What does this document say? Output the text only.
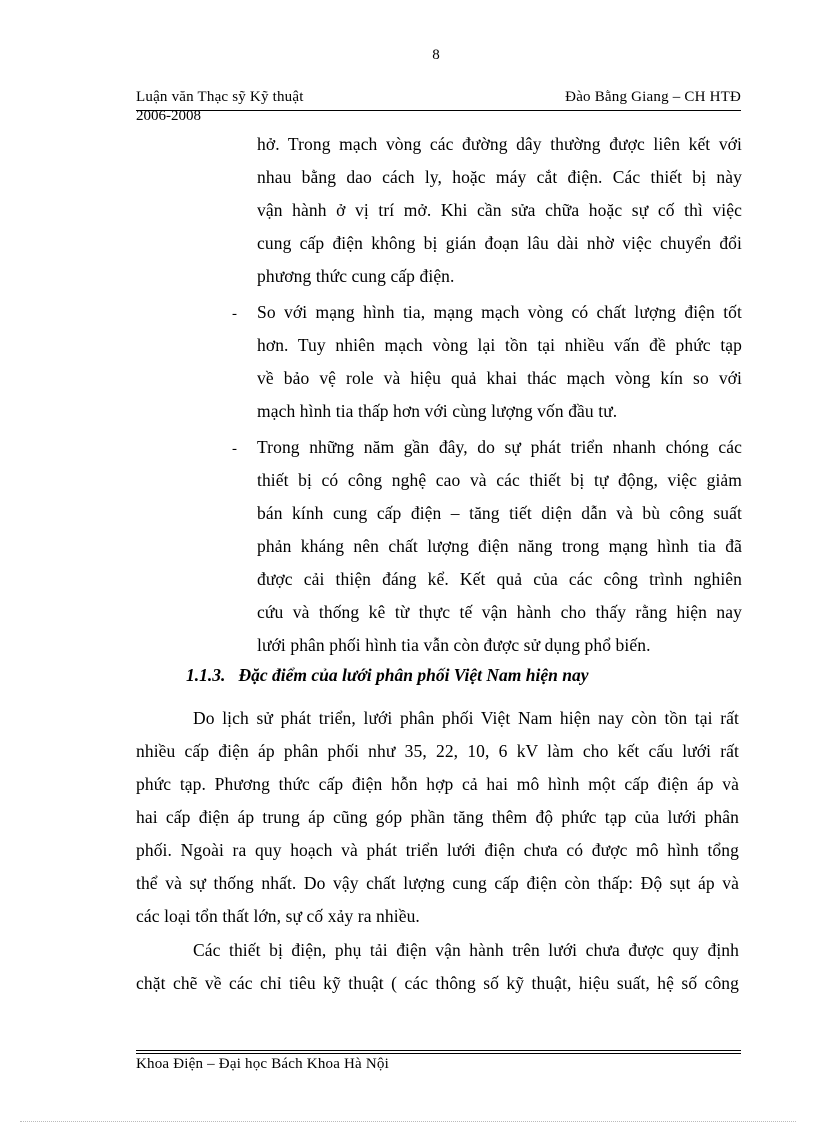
8
Luận văn Thạc sỹ Kỹ thuật	Đào Bằng Giang – CH HTĐ
2006-2008
hở. Trong mạch vòng các đường dây thường được liên kết với
nhau bằng dao cách ly, hoặc máy cắt điện. Các thiết bị này
vận hành ở vị trí mở. Khi cần sửa chữa hoặc sự cố thì việc
cung cấp điện không bị gián đoạn lâu dài nhờ việc chuyển đổi
phương thức cung cấp điện.
- So với mạng hình tia, mạng mạch vòng có chất lượng điện tốt
hơn. Tuy nhiên mạch vòng lại tồn tại nhiều vấn đề phức tạp
về bảo vệ role và hiệu quả khai thác mạch vòng kín so với
mạch hình tia thấp hơn với cùng lượng vốn đầu tư.
- Trong những năm gần đây, do sự phát triển nhanh chóng các
thiết bị có công nghệ cao và các thiết bị tự động, việc giảm
bán kính cung cấp điện – tăng tiết diện dẫn và bù công suất
phản kháng nên chất lượng điện năng trong mạng hình tia đã
được cải thiện đáng kể. Kết quả của các công trình nghiên
cứu và thống kê từ thực tế vận hành cho thấy rằng hiện nay
lưới phân phối hình tia vẫn còn được sử dụng phổ biến.
1.1.3.   Đặc điểm của lưới phân phối Việt Nam hiện nay
Do lịch sử phát triển, lưới phân phối Việt Nam hiện nay còn tồn tại rất
nhiều cấp điện áp phân phối như 35, 22, 10, 6 kV làm cho kết cấu lưới rất
phức tạp. Phương thức cấp điện hỗn hợp cả hai mô hình một cấp điện áp và
hai cấp điện áp trung áp cũng góp phần tăng thêm độ phức tạp của lưới phân
phối. Ngoài ra quy hoạch và phát triển lưới điện chưa có được mô hình tổng
thể và sự thống nhất. Do vậy chất lượng cung cấp điện còn thấp: Độ sụt áp và
các loại tổn thất lớn, sự cố xảy ra nhiều.
Các thiết bị điện, phụ tải điện vận hành trên lưới chưa được quy định
chặt chẽ về các chỉ tiêu kỹ thuật ( các thông số kỹ thuật, hiệu suất, hệ số công
Khoa Điện – Đại học Bách Khoa Hà Nội
